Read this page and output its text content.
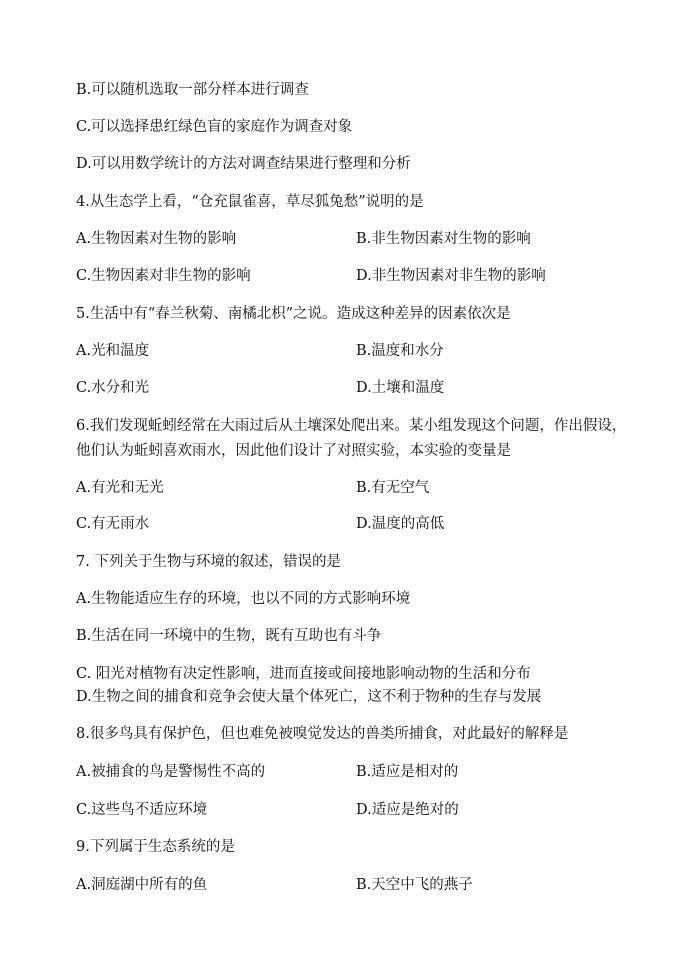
B.可以随机选取一部分样本进行调查
C.可以选择患红绿色盲的家庭作为调查对象
D.可以用数学统计的方法对调查结果进行整理和分析
4.从生态学上看，“仓充鼠雀喜，草尽狐兔愁”说明的是
A.生物因素对生物的影响	B.非生物因素对生物的影响
C.生物因素对非生物的影响	D.非生物因素对非生物的影响
5.生活中有“春兰秋菊、南橘北枳”之说。造成这种差异的因素依次是
A.光和温度	B.温度和水分
C.水分和光	D.土壤和温度
6.我们发现蚯蚓经常在大雨过后从土壤深处爬出来。某小组发现这个问题，作出假设，
他们认为蚯蚓喜欢雨水，因此他们设计了对照实验，本实验的变量是
A.有光和无光	B.有无空气
C.有无雨水	D.温度的高低
7. 下列关于生物与环境的叙述，错误的是
A.生物能适应生存的环境，也以不同的方式影响环境
B.生活在同一环境中的生物，既有互助也有斗争
C. 阳光对植物有决定性影响，进而直接或间接地影响动物的生活和分布
D.生物之间的捕食和竞争会使大量个体死亡，这不利于物种的生存与发展
8.很多鸟具有保护色，但也难免被嗅觉发达的兽类所捕食，对此最好的解释是
A.被捕食的鸟是警惕性不高的	B.适应是相对的
C.这些鸟不适应环境	D.适应是绝对的
9.下列属于生态系统的是
A.洞庭湖中所有的鱼	B.天空中飞的燕子
